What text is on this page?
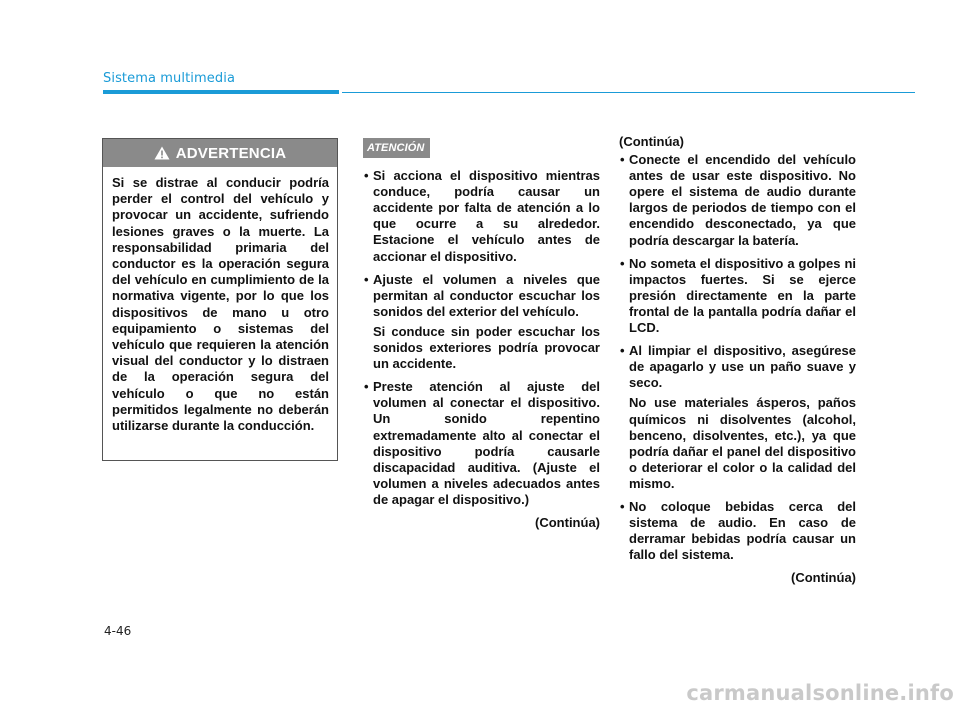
Sistema multimedia
ADVERTENCIA
Si se distrae al conducir podría perder el control del vehículo y provocar un accidente, sufriendo lesiones graves o la muerte. La responsabilidad primaria del conductor es la operación segura del vehículo en cumplimiento de la normativa vigente, por lo que los dispositivos de mano u otro equipamiento o sistemas del vehículo que requieren la atención visual del conductor y lo distraen de la operación segura del vehículo o que no están permitidos legalmente no deberán utilizarse durante la conducción.
ATENCIÓN
• Si acciona el dispositivo mientras conduce, podría causar un accidente por falta de atención a lo que ocurre a su alrededor. Estacione el vehículo antes de accionar el dispositivo.
• Ajuste el volumen a niveles que permitan al conductor escuchar los sonidos del exterior del vehículo.
Si conduce sin poder escuchar los sonidos exteriores podría provocar un accidente.
• Preste atención al ajuste del volumen al conectar el dispositivo. Un sonido repentino extremadamente alto al conectar el dispositivo podría causarle discapacidad auditiva. (Ajuste el volumen a niveles adecuados antes de apagar el dispositivo.)
(Continúa)
(Continúa)
• Conecte el encendido del vehículo antes de usar este dispositivo. No opere el sistema de audio durante largos de periodos de tiempo con el encendido desconectado, ya que podría descargar la batería.
• No someta el dispositivo a golpes ni impactos fuertes. Si se ejerce presión directamente en la parte frontal de la pantalla podría dañar el LCD.
• Al limpiar el dispositivo, asegúrese de apagarlo y use un paño suave y seco.
No use materiales ásperos, paños químicos ni disolventes (alcohol, benceno, disolventes, etc.), ya que podría dañar el panel del dispositivo o deteriorar el color o la calidad del mismo.
• No coloque bebidas cerca del sistema de audio. En caso de derramar bebidas podría causar un fallo del sistema.
(Continúa)
4-46
carmanualsonline.info
